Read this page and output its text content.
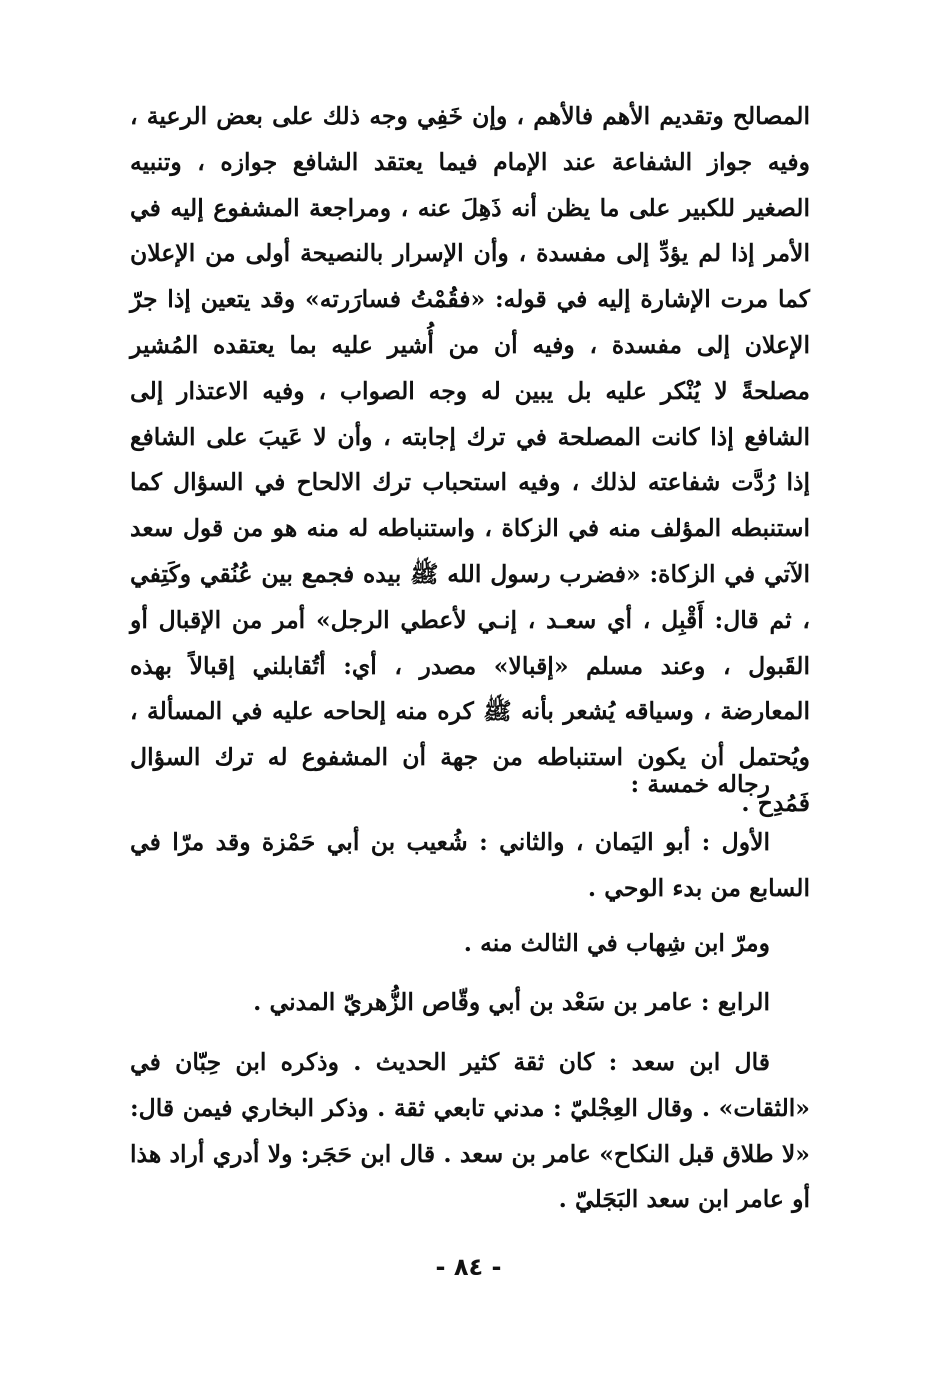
المصالح وتقديم الأهم فالأهم ، وإن خَفِي وجه ذلك على بعض الرعية ، وفيه جواز الشفاعة عند الإمام فيما يعتقد الشافع جوازه ، وتنبيه الصغير للكبير على ما يظن أنه ذَهِلَ عنه ، ومراجعة المشفوع إليه في الأمر إذا لم يؤدِّ إلى مفسدة ، وأن الإسرار بالنصيحة أولى من الإعلان كما مرت الإشارة إليه في قوله: «فقُمْتُ فسارَرته» وقد يتعين إذا جرّ الإعلان إلى مفسدة ، وفيه أن من أُشير عليه بما يعتقده المُشير مصلحةً لا يُنْكر عليه بل يبين له وجه الصواب ، وفيه الاعتذار إلى الشافع إذا كانت المصلحة في ترك إجابته ، وأن لا عَيبَ على الشافع إذا رُدَّت شفاعته لذلك ، وفيه استحباب ترك الالحاح في السؤال كما استنبطه المؤلف منه في الزكاة ، واستنباطه له منه هو من قول سعد الآتي في الزكاة: «فضرب رسول الله ﷺ بيده فجمع بين عُنُقي وكَتِفي ، ثم قال: أَقْبِل ، أي سعـد ، إنـي لأعطي الرجل» أمر من الإقبال أو القَبول ، وعند مسلم «إقبالا» مصدر ، أي: أتُقابلني إقبالاً بهذه المعارضة ، وسياقه يُشعر بأنه ﷺ كره منه إلحاحه عليه في المسألة ، ويُحتمل أن يكون استنباطه من جهة أن المشفوع له ترك السؤال فَمُدِح .

رجاله خمسة :

الأول : أبو اليَمان ، والثاني : شُعيب بن أبي حَمْزة وقد مرّا في السابع من بدء الوحي .

ومرّ ابن شِهاب في الثالث منه .

الرابع : عامر بن سَعْد بن أبي وقّاص الزُّهريّ المدني .

قال ابن سعد : كان ثقة كثير الحديث . وذكره ابن حِبّان في «الثقات» . وقال العِجْليّ : مدني تابعي ثقة . وذكر البخاري فيمن قال: «لا طلاق قبل النكاح» عامر بن سعد . قال ابن حَجَر: ولا أدري أراد هذا أو عامر ابن سعد البَجَليّ .

- ٨٤ -
